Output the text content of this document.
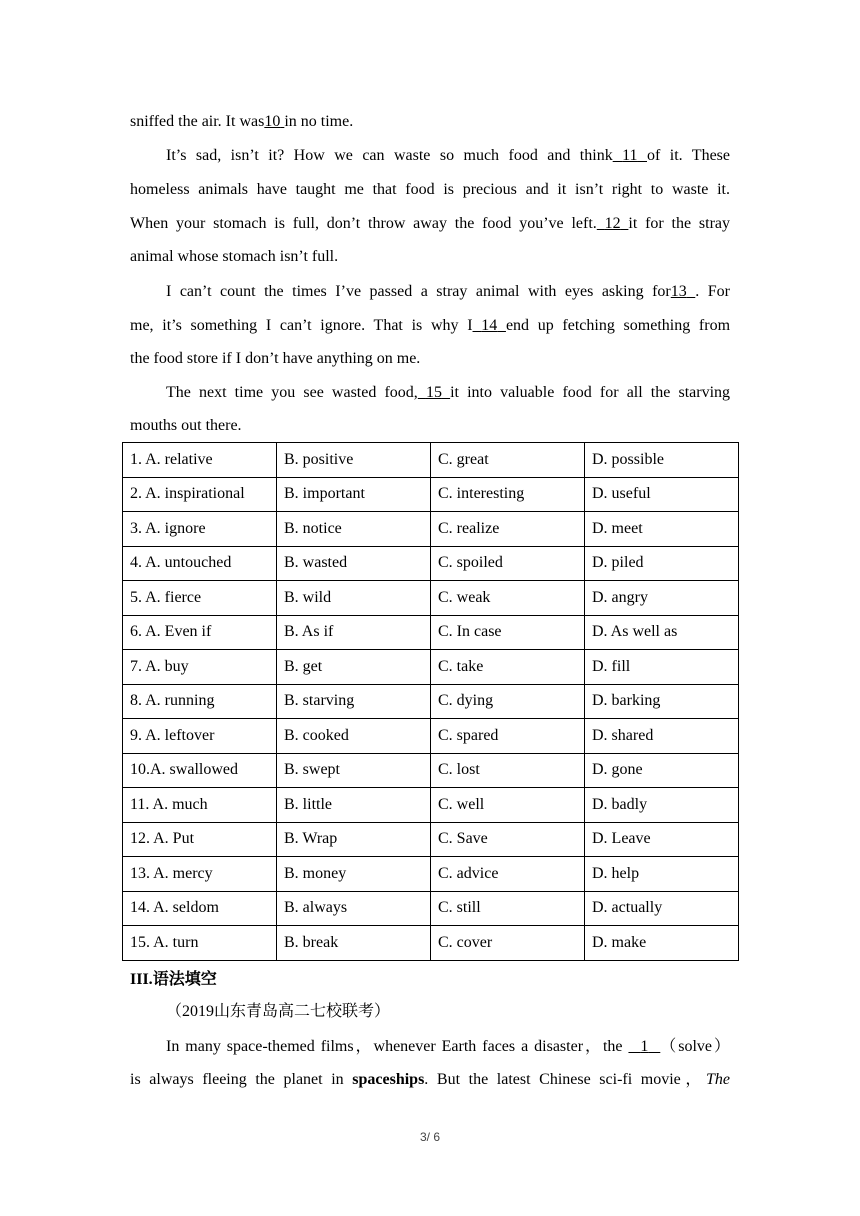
sniffed the air. It was10 in no time.
It’s sad, isn’t it? How we can waste so much food and think 11 of it. These
homeless animals have taught me that food is precious and it isn’t right to waste it.
When your stomach is full, don’t throw away the food you’ve left. 12 it for the stray
animal whose stomach isn’t full.
I can’t count the times I’ve passed a stray animal with eyes asking for13 . For
me, it’s something I can’t ignore. That is why I 14 end up fetching something from
the food store if I don’t have anything on me.
The next time you see wasted food, 15 it into valuable food for all the starving
mouths out there.
1. A. relative	B. positive	C. great	D. possible
2. A. inspirational	B. important	C. interesting	D. useful
3. A. ignore	B. notice	C. realize	D. meet
4. A. untouched	B. wasted	C. spoiled	D. piled
5. A. fierce	B. wild	C. weak	D. angry
6. A. Even if	B. As if	C. In case	D. As well as
7. A. buy	B. get	C. take	D. fill
8. A. running	B. starving	C. dying	D. barking
9. A. leftover	B. cooked	C. spared	D. shared
10.A. swallowed	B. swept	C. lost	D. gone
11. A. much	B. little	C. well	D. badly
12. A. Put	B. Wrap	C. Save	D. Leave
13. A. mercy	B. money	C. advice	D. help
14. A. seldom	B. always	C. still	D. actually
15. A. turn	B. break	C. cover	D. make
III.语法填空
（2019山东青岛高二七校联考）
In many space-themed films，whenever Earth faces a disaster，the   1 （solve）
is always fleeing the planet in spaceships. But the latest Chinese sci-fi movie，The
3/ 6
